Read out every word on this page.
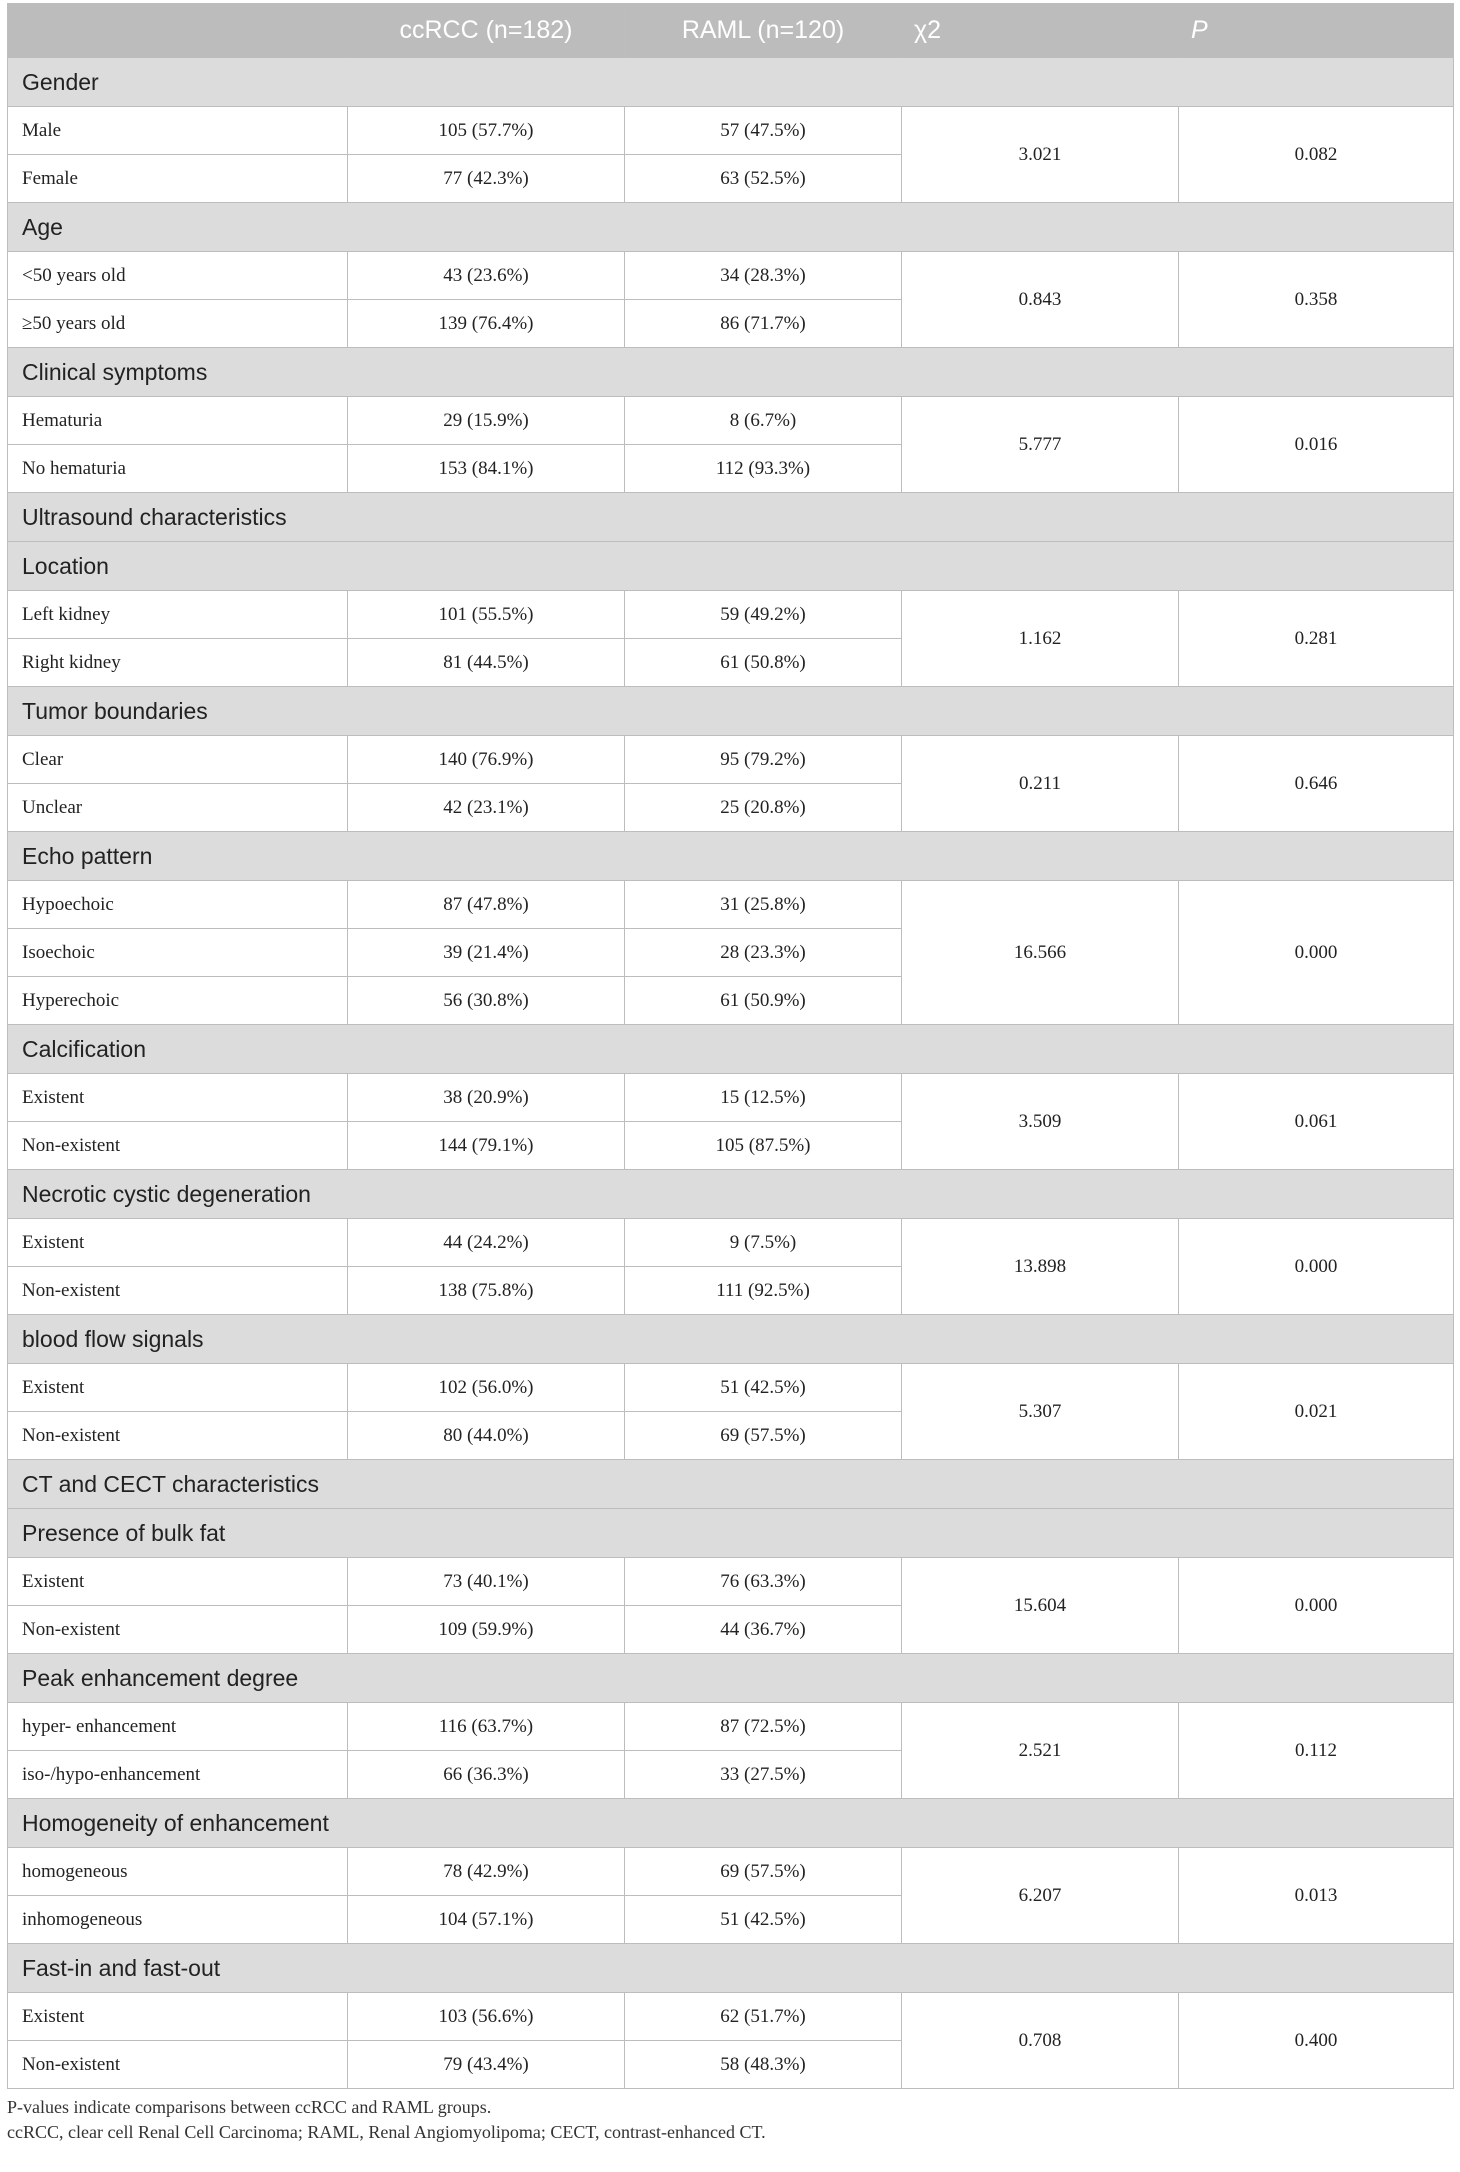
	ccRCC (n=182)	RAML (n=120)	χ2	P
Gender				
Male	105 (57.7%)	57 (47.5%)	3.021	0.082
Female	77 (42.3%)	63 (52.5%)		
Age				
<50 years old	43 (23.6%)	34 (28.3%)	0.843	0.358
≥50 years old	139 (76.4%)	86 (71.7%)		
Clinical symptoms				
Hematuria	29 (15.9%)	8 (6.7%)	5.777	0.016
No hematuria	153 (84.1%)	112 (93.3%)		
Ultrasound characteristics				
Location				
Left kidney	101 (55.5%)	59 (49.2%)	1.162	0.281
Right kidney	81 (44.5%)	61 (50.8%)		
Tumor boundaries				
Clear	140 (76.9%)	95 (79.2%)	0.211	0.646
Unclear	42 (23.1%)	25 (20.8%)		
Echo pattern				
Hypoechoic	87 (47.8%)	31 (25.8%)	16.566	0.000
Isoechoic	39 (21.4%)	28 (23.3%)		
Hyperechoic	56 (30.8%)	61 (50.9%)		
Calcification				
Existent	38 (20.9%)	15 (12.5%)	3.509	0.061
Non-existent	144 (79.1%)	105 (87.5%)		
Necrotic cystic degeneration				
Existent	44 (24.2%)	9 (7.5%)	13.898	0.000
Non-existent	138 (75.8%)	111 (92.5%)		
blood flow signals				
Existent	102 (56.0%)	51 (42.5%)	5.307	0.021
Non-existent	80 (44.0%)	69 (57.5%)		
CT and CECT characteristics				
Presence of bulk fat				
Existent	73 (40.1%)	76 (63.3%)	15.604	0.000
Non-existent	109 (59.9%)	44 (36.7%)		
Peak enhancement degree				
hyper- enhancement	116 (63.7%)	87 (72.5%)	2.521	0.112
iso-/hypo-enhancement	66 (36.3%)	33 (27.5%)		
Homogeneity of enhancement				
homogeneous	78 (42.9%)	69 (57.5%)	6.207	0.013
inhomogeneous	104 (57.1%)	51 (42.5%)		
Fast-in and fast-out				
Existent	103 (56.6%)	62 (51.7%)	0.708	0.400
Non-existent	79 (43.4%)	58 (48.3%)		
P-values indicate comparisons between ccRCC and RAML groups.
ccRCC, clear cell Renal Cell Carcinoma; RAML, Renal Angiomyolipoma; CECT, contrast-enhanced CT.
